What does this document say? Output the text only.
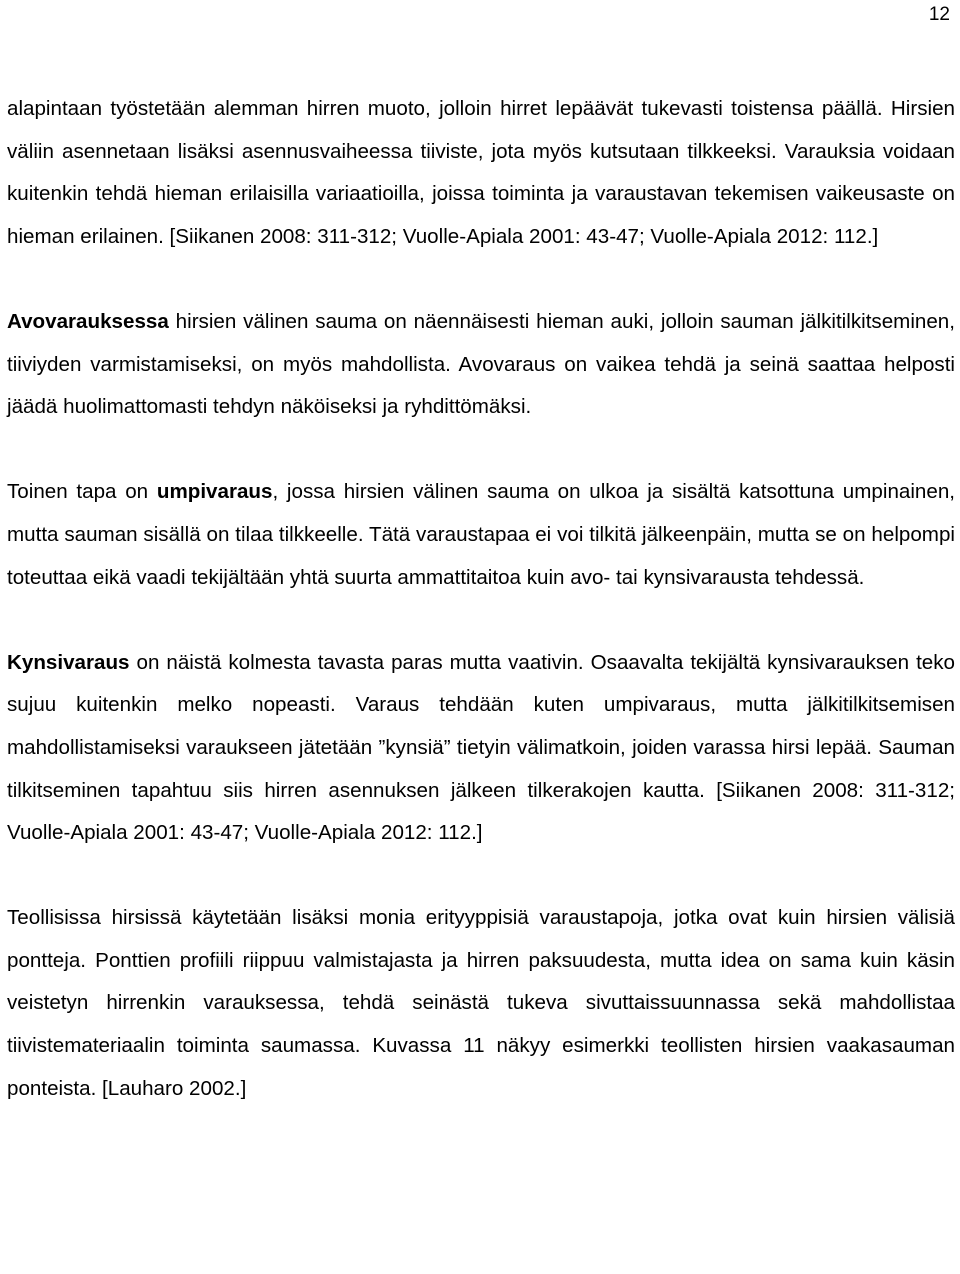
12

alapintaan työstetään alemman hirren muoto, jolloin hirret lepäävät tukevasti toistensa päällä. Hirsien väliin asennetaan lisäksi asennusvaiheessa tiiviste, jota myös kutsutaan tilkkeeksi. Varauksia voidaan kuitenkin tehdä hieman erilaisilla variaatioilla, joissa toiminta ja varaustavan tekemisen vaikeusaste on hieman erilainen. [Siikanen 2008: 311-312; Vuolle-Apiala 2001: 43-47; Vuolle-Apiala 2012: 112.]

Avovarauksessa hirsien välinen sauma on näennäisesti hieman auki, jolloin sauman jälkitilkitseminen, tiiviyden varmistamiseksi, on myös mahdollista. Avovaraus on vaikea tehdä ja seinä saattaa helposti jäädä huolimattomasti tehdyn näköiseksi ja ryhdittömäksi.

Toinen tapa on umpivaraus, jossa hirsien välinen sauma on ulkoa ja sisältä katsottuna umpinainen, mutta sauman sisällä on tilaa tilkkeelle. Tätä varaustapaa ei voi tilkitä jälkeenpäin, mutta se on helpompi toteuttaa eikä vaadi tekijältään yhtä suurta ammattitaitoa kuin avo- tai kynsivarausta tehdessä.

Kynsivaraus on näistä kolmesta tavasta paras mutta vaativin. Osaavalta tekijältä kynsivarauksen teko sujuu kuitenkin melko nopeasti. Varaus tehdään kuten umpivaraus, mutta jälkitilkitsemisen mahdollistamiseksi varaukseen jätetään ”kynsiä” tietyin välimatkoin, joiden varassa hirsi lepää. Sauman tilkitseminen tapahtuu siis hirren asennuksen jälkeen tilkerakojen kautta. [Siikanen 2008: 311-312; Vuolle-Apiala 2001: 43-47; Vuolle-Apiala 2012: 112.]

Teollisissa hirsissä käytetään lisäksi monia erityyppisiä varaustapoja, jotka ovat kuin hirsien välisiä pontteja. Ponttien profiili riippuu valmistajasta ja hirren paksuudesta, mutta idea on sama kuin käsin veistetyn hirrenkin varauksessa, tehdä seinästä tukeva sivuttaissuunnassa sekä mahdollistaa tiivistemateriaalin toiminta saumassa. Kuvassa 11 näkyy esimerkki teollisten hirsien vaakasauman ponteista. [Lauharo 2002.]
